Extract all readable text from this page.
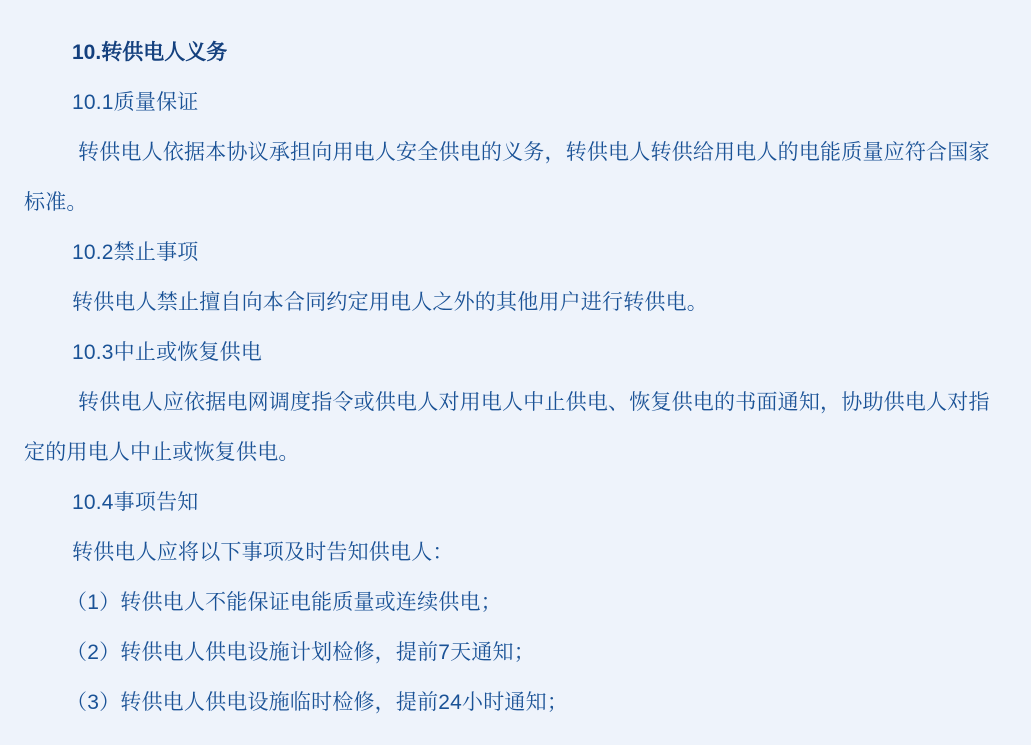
10.转供电人义务
10.1质量保证
转供电人依据本协议承担向用电人安全供电的义务，转供电人转供给用电人的电能质量应符合国家标准。
10.2禁止事项
转供电人禁止擅自向本合同约定用电人之外的其他用户进行转供电。
10.3中止或恢复供电
转供电人应依据电网调度指令或供电人对用电人中止供电、恢复供电的书面通知，协助供电人对指定的用电人中止或恢复供电。
10.4事项告知
转供电人应将以下事项及时告知供电人：
（1）转供电人不能保证电能质量或连续供电；
（2）转供电人供电设施计划检修，提前7天通知；
（3）转供电人供电设施临时检修，提前24小时通知；
